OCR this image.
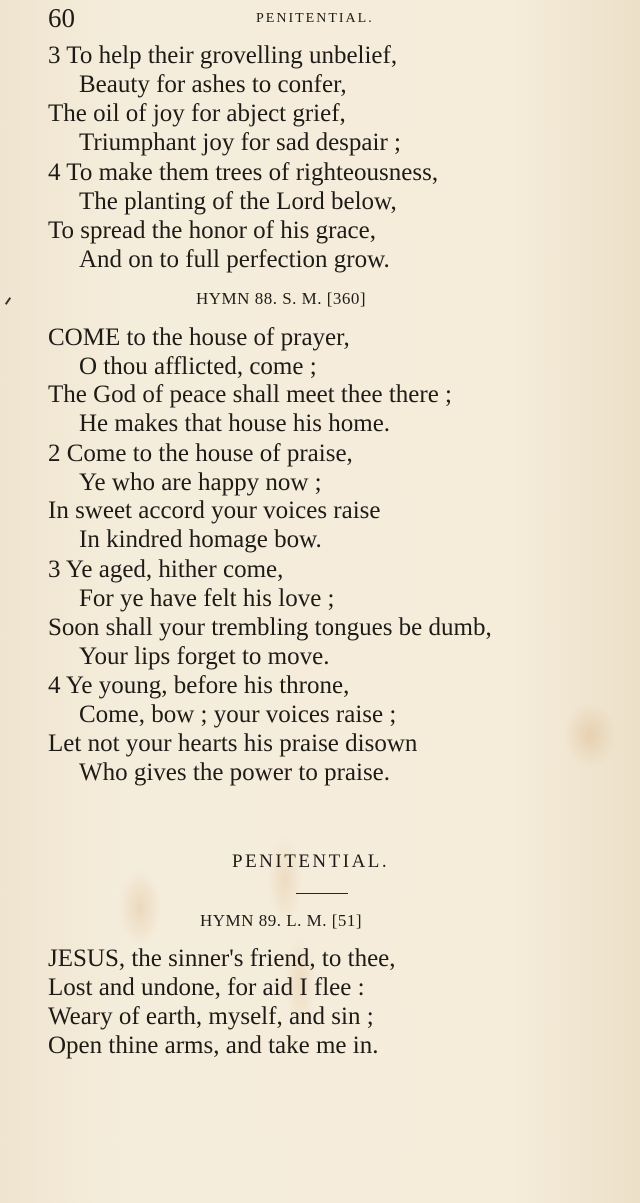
60	PENITENTIAL.
3 To help their grovelling unbelief,
Beauty for ashes to confer,
The oil of joy for abject grief,
Triumphant joy for sad despair ;
4 To make them trees of righteousness,
The planting of the Lord below,
To spread the honor of his grace,
And on to full perfection grow.
HYMN 88. S. M. [360]
COME to the house of prayer,
O thou afflicted, come ;
The God of peace shall meet thee there ;
He makes that house his home.
2 Come to the house of praise,
Ye who are happy now ;
In sweet accord your voices raise
In kindred homage bow.
3 Ye aged, hither come,
For ye have felt his love ;
Soon shall your trembling tongues be dumb,
Your lips forget to move.
4 Ye young, before his throne,
Come, bow ; your voices raise ;
Let not your hearts his praise disown
Who gives the power to praise.
PENITENTIAL.
HYMN 89. L. M. [51]
JESUS, the sinner's friend, to thee,
Lost and undone, for aid I flee :
Weary of earth, myself, and sin ;
Open thine arms, and take me in.
